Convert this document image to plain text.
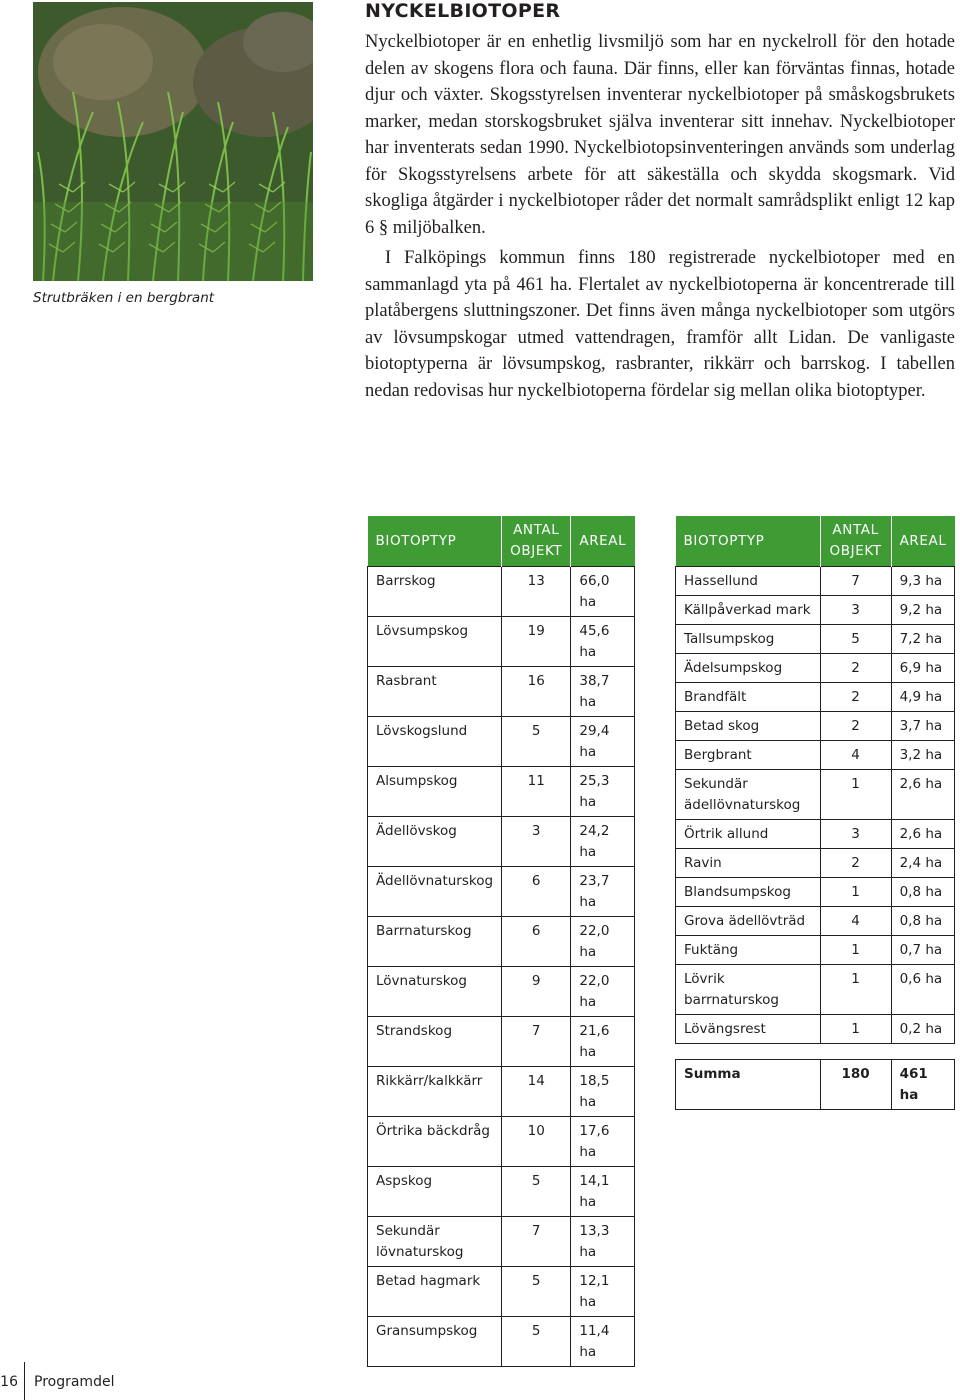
Strutbräken i en bergbrant
NYCKELBIOTOPER

Nyckelbiotoper är en enhetlig livsmiljö som har en nyckelroll för den hotade delen av skogens flora och fauna. Där finns, eller kan förväntas finnas, hotade djur och växter. Skogsstyrelsen inventerar nyckelbiotoper på småskogsbrukets marker, medan storskogsbruket själva inventerar sitt innehav. Nyckelbiotoper har inventerats sedan 1990. Nyckelbiotopsinventeringen används som underlag för Skogsstyrelsens arbete för att säkeställa och skydda skogsmark. Vid skogliga åtgärder i nyckelbiotoper råder det normalt samrådsplikt enligt 12 kap 6 § miljöbalken.

I Falköpings kommun finns 180 registrerade nyckelbiotoper med en sammanlagd yta på 461 ha. Flertalet av nyckelbiotoperna är koncentrerade till platåbergens sluttningszoner. Det finns även många nyckelbiotoper som utgörs av lövsumpskogar utmed vattendragen, framför allt Lidan. De vanligaste biotoptyperna är lövsumpskog, rasbranter, rikkärr och barrskog. I tabellen nedan redovisas hur nyckelbiotoperna fördelar sig mellan olika biotoptyper.

BIOTOPTYP	ANTAL OBJEKT	AREAL
Barrskog	13	66,0 ha
Lövsumpskog	19	45,6 ha
Rasbrant	16	38,7 ha
Lövskogslund	5	29,4 ha
Alsumpskog	11	25,3 ha
Ädellövskog	3	24,2 ha
Ädellövnaturskog	6	23,7 ha
Barrnaturskog	6	22,0 ha
Lövnaturskog	9	22,0 ha
Strandskog	7	21,6 ha
Rikkärr/kalkkärr	14	18,5 ha
Örtrika bäckdråg	10	17,6 ha
Aspskog	5	14,1 ha
Sekundär lövnaturskog	7	13,3 ha
Betad hagmark	5	12,1 ha
Gransumpskog	5	11,4 ha
BIOTOPTYP	ANTAL OBJEKT	AREAL
Hassellund	7	9,3 ha
Källpåverkad mark	3	9,2 ha
Tallsumpskog	5	7,2 ha
Ädelsumpskog	2	6,9 ha
Brandfält	2	4,9 ha
Betad skog	2	3,7 ha
Bergbrant	4	3,2 ha
Sekundär ädellövnaturskog	1	2,6 ha
Örtrik allund	3	2,6 ha
Ravin	2	2,4 ha
Blandsumpskog	1	0,8 ha
Grova ädellövträd	4	0,8 ha
Fuktäng	1	0,7 ha
Lövrik barrnaturskog	1	0,6 ha
Lövängsrest	1	0,2 ha

Summa	180	461 ha
16 Programdel
